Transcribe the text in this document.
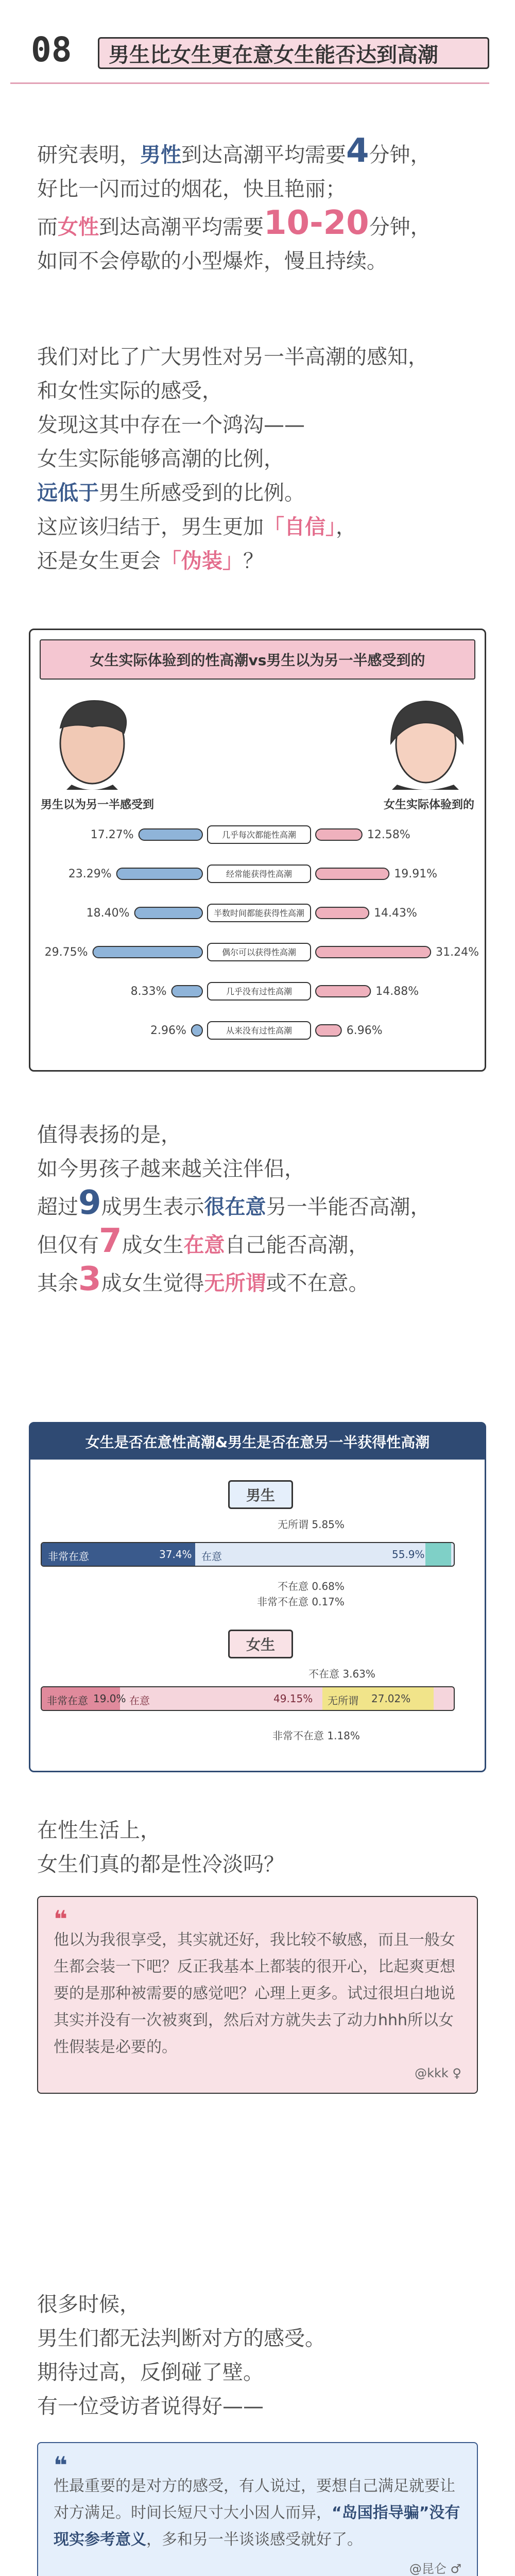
08 男生比女生更在意女生能否达到高潮

研究表明，男性到达高潮平均需要4分钟，

好比一闪而过的烟花，快且艳丽；

而女性到达高潮平均需要10-20分钟，

如同不会停歇的小型爆炸，慢且持续。

我们对比了广大男性对另一半高潮的感知，

和女性实际的感受，

发现这其中存在一个鸿沟——

女生实际能够高潮的比例，

远低于男生所感受到的比例。

这应该归结于，男生更加「自信」，

还是女生更会「伪装」？

女生实际体验到的性高潮vs男生以为另一半感受到的
男生以为另一半感受到	女生实际体验到的
17.27%	几乎每次都能性高潮	12.58%
23.29%	经常能获得性高潮	19.91%
18.40%	半数时间都能获得性高潮	14.43%
29.75%	偶尔可以获得性高潮	31.24%
8.33%	几乎没有过性高潮	14.88%
2.96%	从来没有过性高潮	6.96%

值得表扬的是，

如今男孩子越来越关注伴侣，

超过9成男生表示很在意另一半能否高潮，

但仅有7成女生在意自己能否高潮，

其余3成女生觉得无所谓或不在意。

女生是否在意性高潮&男生是否在意另一半获得性高潮
男生
非常在意	37.4% 在意	55.9%
无所谓 5.85%
不在意 0.68%
非常不在意 0.17%
女生
非常在意 19.0% 在意	49.15% 无所谓 27.02%
不在意 3.63%
非常不在意 1.18%

在性生活上，

女生们真的都是性冷淡吗？

❝
他以为我很享受，其实就还好，我比较不敏感，而且一般女生都会装一下吧？反正我基本上都装的很开心，比起爽更想要的是那种被需要的感觉吧？心理上更多。试过很坦白地说其实并没有一次被爽到，然后对方就失去了动力hhh所以女性假装是必要的。
@kkk ♀

很多时候，

男生们都无法判断对方的感受。

期待过高，反倒碰了壁。

有一位受访者说得好——

❝
性最重要的是对方的感受，有人说过，要想自己满足就要让对方满足。时间长短尺寸大小因人而异，“岛国指导骗”没有现实参考意义，多和另一半谈谈感受就好了。
@昆仑 ♂
